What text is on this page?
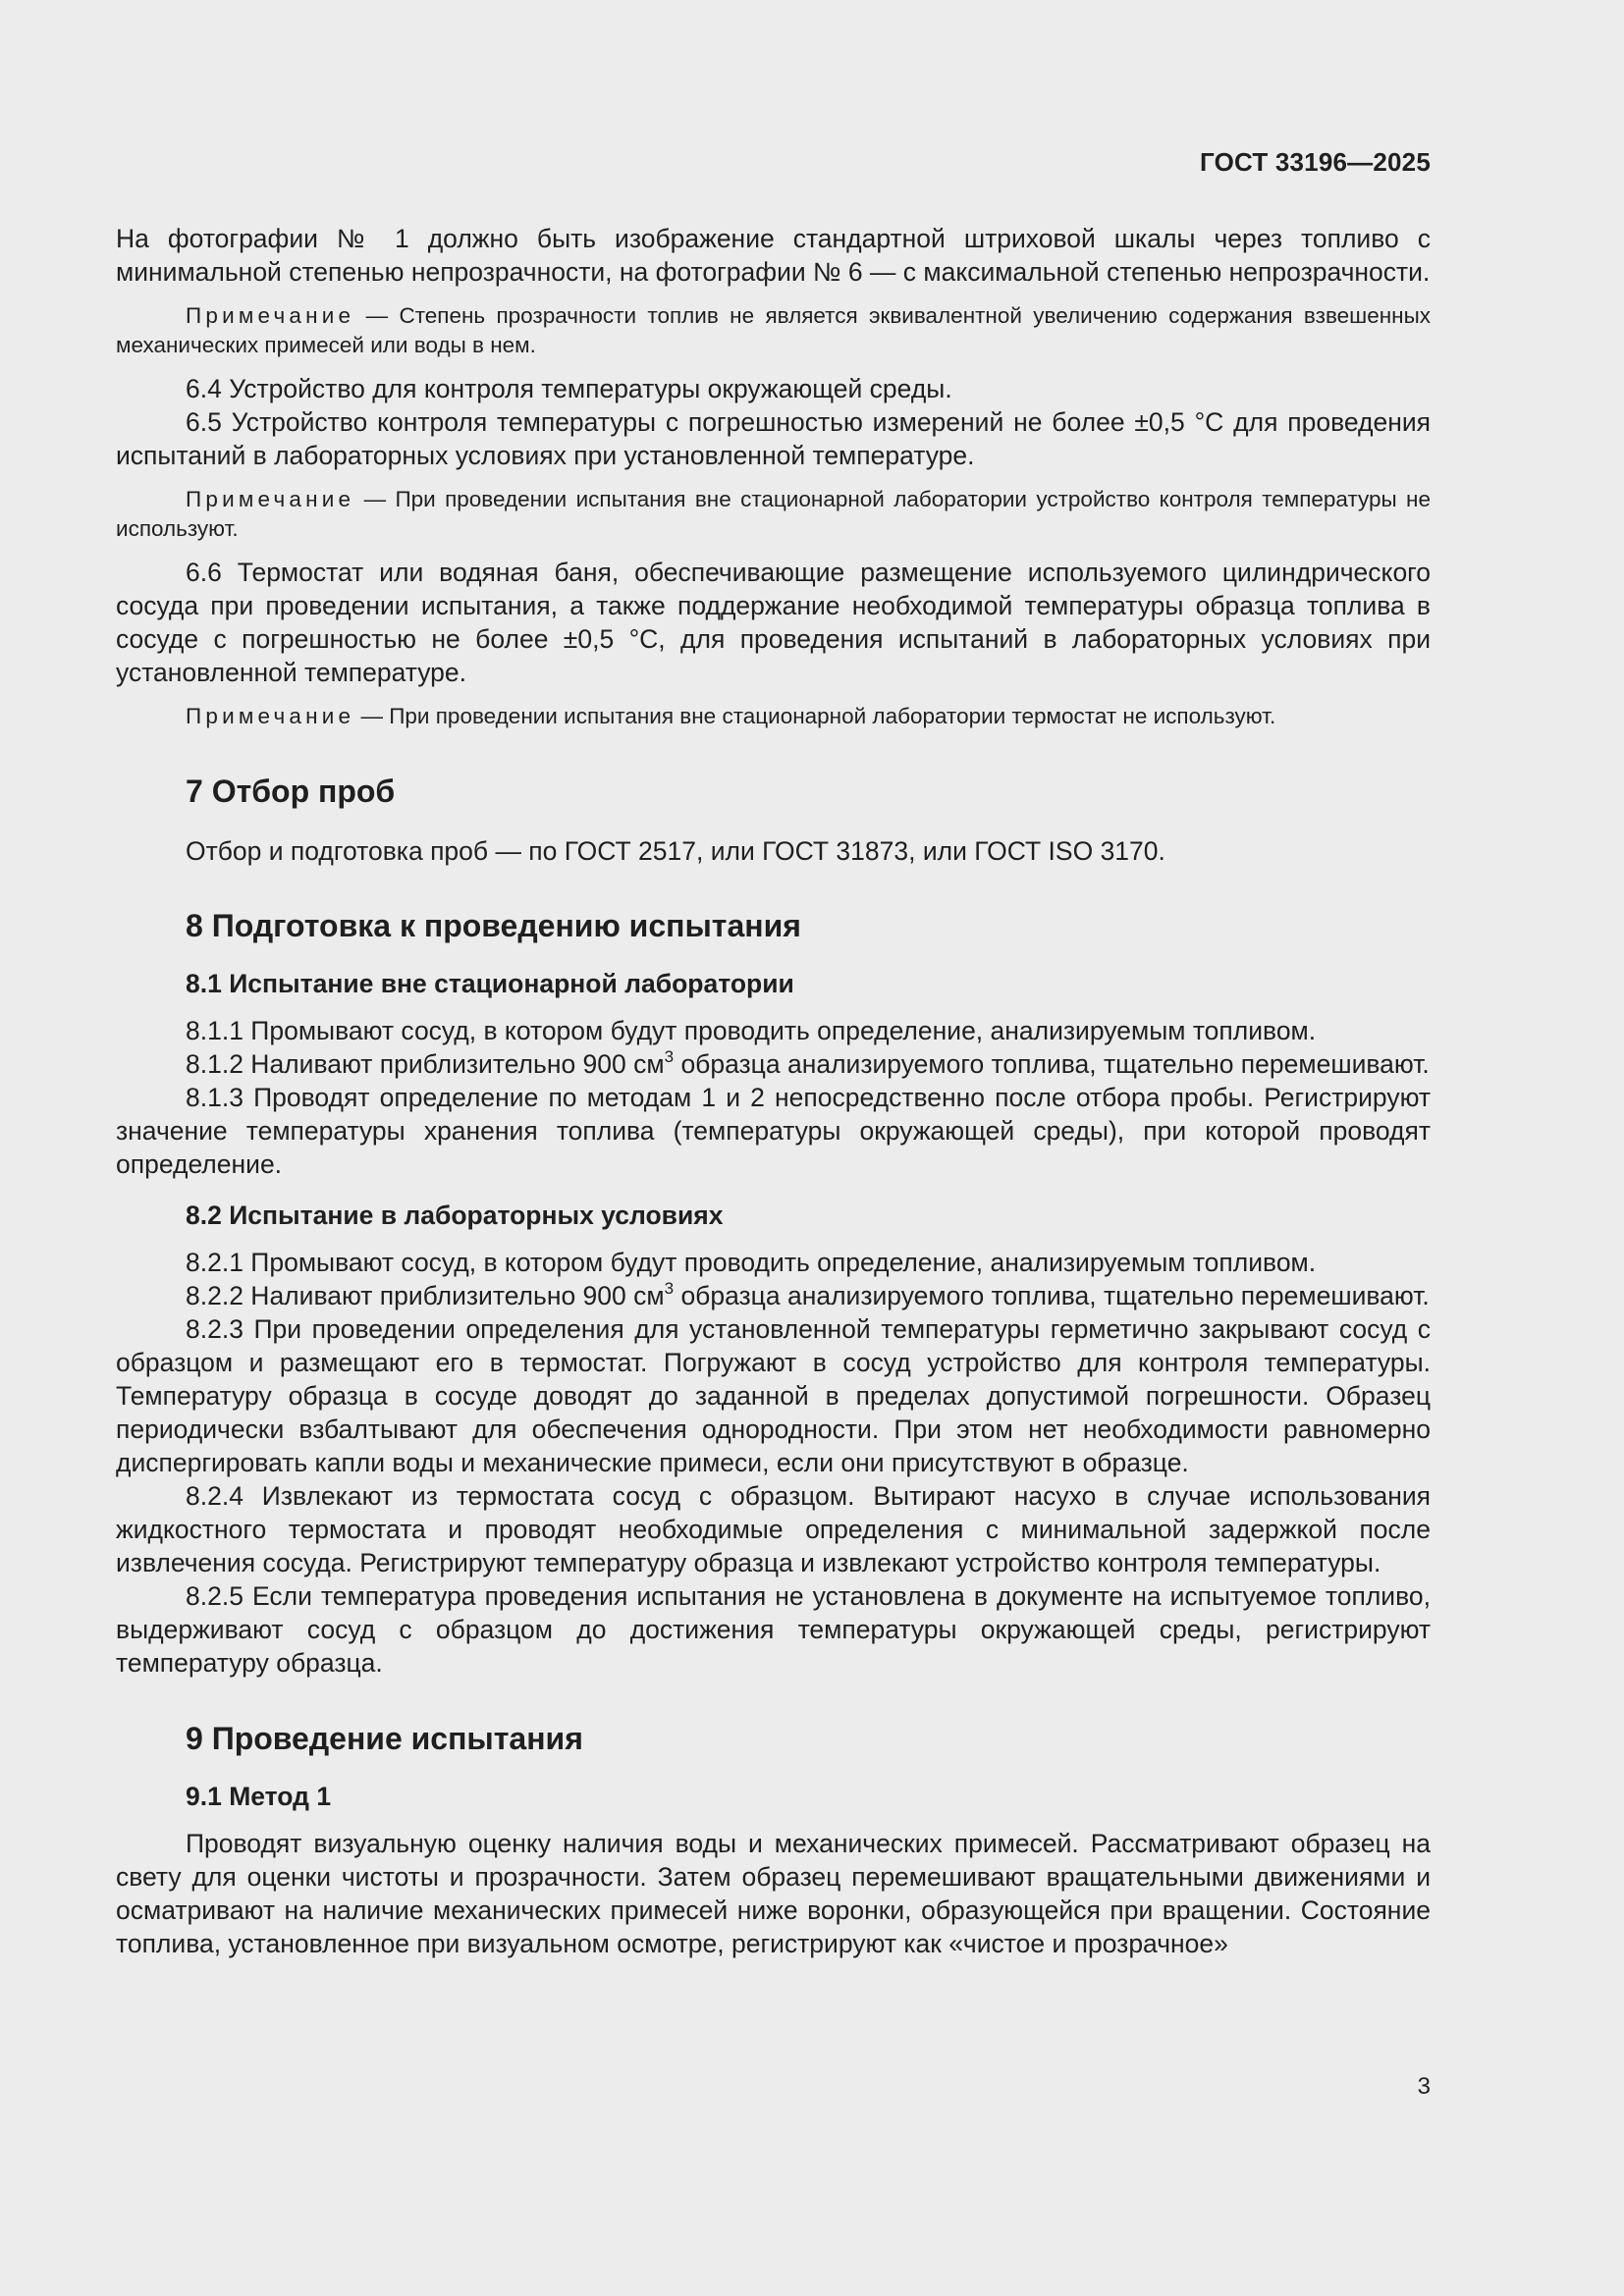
ГОСТ 33196—2025

На фотографии № 1 должно быть изображение стандартной штриховой шкалы через топливо с минимальной степенью непрозрачности, на фотографии № 6 — с максимальной степенью непрозрачности.

Примечание — Степень прозрачности топлив не является эквивалентной увеличению содержания взвешенных механических примесей или воды в нем.

6.4 Устройство для контроля температуры окружающей среды.

6.5 Устройство контроля температуры с погрешностью измерений не более ±0,5 °С для проведения испытаний в лабораторных условиях при установленной температуре.

Примечание — При проведении испытания вне стационарной лаборатории устройство контроля температуры не используют.

6.6 Термостат или водяная баня, обеспечивающие размещение используемого цилиндрического сосуда при проведении испытания, а также поддержание необходимой температуры образца топлива в сосуде с погрешностью не более ±0,5 °С, для проведения испытаний в лабораторных условиях при установленной температуре.

Примечание — При проведении испытания вне стационарной лаборатории термостат не используют.

7 Отбор проб

Отбор и подготовка проб — по ГОСТ 2517, или ГОСТ 31873, или ГОСТ ISO 3170.

8 Подготовка к проведению испытания
8.1 Испытание вне стационарной лаборатории

8.1.1 Промывают сосуд, в котором будут проводить определение, анализируемым топливом.

8.1.2 Наливают приблизительно 900 $см^3$ образца анализируемого топлива, тщательно перемешивают.

8.1.3 Проводят определение по методам 1 и 2 непосредственно после отбора пробы. Регистрируют значение температуры хранения топлива (температуры окружающей среды), при которой проводят определение.

8.2 Испытание в лабораторных условиях

8.2.1 Промывают сосуд, в котором будут проводить определение, анализируемым топливом.

8.2.2 Наливают приблизительно 900 $см^3$ образца анализируемого топлива, тщательно перемешивают.

8.2.3 При проведении определения для установленной температуры герметично закрывают сосуд с образцом и размещают его в термостат. Погружают в сосуд устройство для контроля температуры. Температуру образца в сосуде доводят до заданной в пределах допустимой погрешности. Образец периодически взбалтывают для обеспечения однородности. При этом нет необходимости равномерно диспергировать капли воды и механические примеси, если они присутствуют в образце.

8.2.4 Извлекают из термостата сосуд с образцом. Вытирают насухо в случае использования жидкостного термостата и проводят необходимые определения с минимальной задержкой после извлечения сосуда. Регистрируют температуру образца и извлекают устройство контроля температуры.

8.2.5 Если температура проведения испытания не установлена в документе на испытуемое топливо, выдерживают сосуд с образцом до достижения температуры окружающей среды, регистрируют температуру образца.

9 Проведение испытания
9.1 Метод 1

Проводят визуальную оценку наличия воды и механических примесей. Рассматривают образец на свету для оценки чистоты и прозрачности. Затем образец перемешивают вращательными движениями и осматривают на наличие механических примесей ниже воронки, образующейся при вращении. Состояние топлива, установленное при визуальном осмотре, регистрируют как «чистое и прозрачное»

3
